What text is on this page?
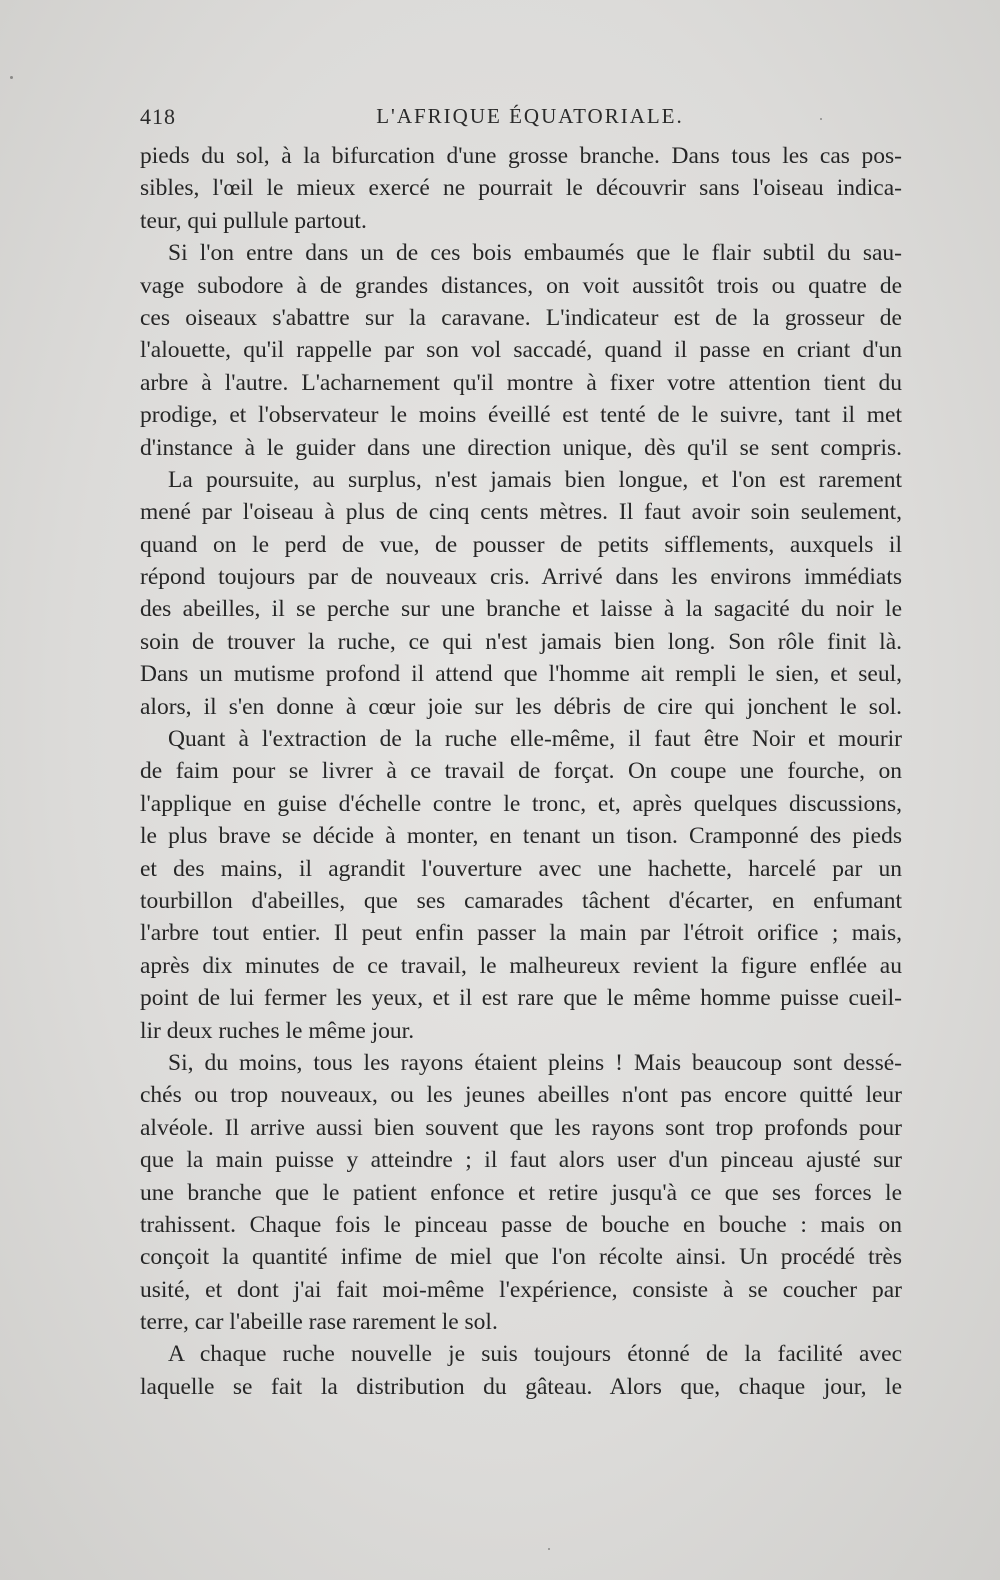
418	L'AFRIQUE ÉQUATORIALE.
pieds du sol, à la bifurcation d'une grosse branche. Dans tous les cas pos-
sibles, l'œil le mieux exercé ne pourrait le découvrir sans l'oiseau indica-
teur, qui pullule partout.
Si l'on entre dans un de ces bois embaumés que le flair subtil du sau-
vage subodore à de grandes distances, on voit aussitôt trois ou quatre de
ces oiseaux s'abattre sur la caravane. L'indicateur est de la grosseur de
l'alouette, qu'il rappelle par son vol saccadé, quand il passe en criant d'un
arbre à l'autre. L'acharnement qu'il montre à fixer votre attention tient du
prodige, et l'observateur le moins éveillé est tenté de le suivre, tant il met
d'instance à le guider dans une direction unique, dès qu'il se sent compris.
La poursuite, au surplus, n'est jamais bien longue, et l'on est rarement
mené par l'oiseau à plus de cinq cents mètres. Il faut avoir soin seulement,
quand on le perd de vue, de pousser de petits sifflements, auxquels il
répond toujours par de nouveaux cris. Arrivé dans les environs immédiats
des abeilles, il se perche sur une branche et laisse à la sagacité du noir le
soin de trouver la ruche, ce qui n'est jamais bien long. Son rôle finit là.
Dans un mutisme profond il attend que l'homme ait rempli le sien, et seul,
alors, il s'en donne à cœur joie sur les débris de cire qui jonchent le sol.
Quant à l'extraction de la ruche elle-même, il faut être Noir et mourir
de faim pour se livrer à ce travail de forçat. On coupe une fourche, on
l'applique en guise d'échelle contre le tronc, et, après quelques discussions,
le plus brave se décide à monter, en tenant un tison. Cramponné des pieds
et des mains, il agrandit l'ouverture avec une hachette, harcelé par un
tourbillon d'abeilles, que ses camarades tâchent d'écarter, en enfumant
l'arbre tout entier. Il peut enfin passer la main par l'étroit orifice ; mais,
après dix minutes de ce travail, le malheureux revient la figure enflée au
point de lui fermer les yeux, et il est rare que le même homme puisse cueil-
lir deux ruches le même jour.
Si, du moins, tous les rayons étaient pleins ! Mais beaucoup sont dessé-
chés ou trop nouveaux, ou les jeunes abeilles n'ont pas encore quitté leur
alvéole. Il arrive aussi bien souvent que les rayons sont trop profonds pour
que la main puisse y atteindre ; il faut alors user d'un pinceau ajusté sur
une branche que le patient enfonce et retire jusqu'à ce que ses forces le
trahissent. Chaque fois le pinceau passe de bouche en bouche : mais on
conçoit la quantité infime de miel que l'on récolte ainsi. Un procédé très
usité, et dont j'ai fait moi-même l'expérience, consiste à se coucher par
terre, car l'abeille rase rarement le sol.
A chaque ruche nouvelle je suis toujours étonné de la facilité avec
laquelle se fait la distribution du gâteau. Alors que, chaque jour, le
